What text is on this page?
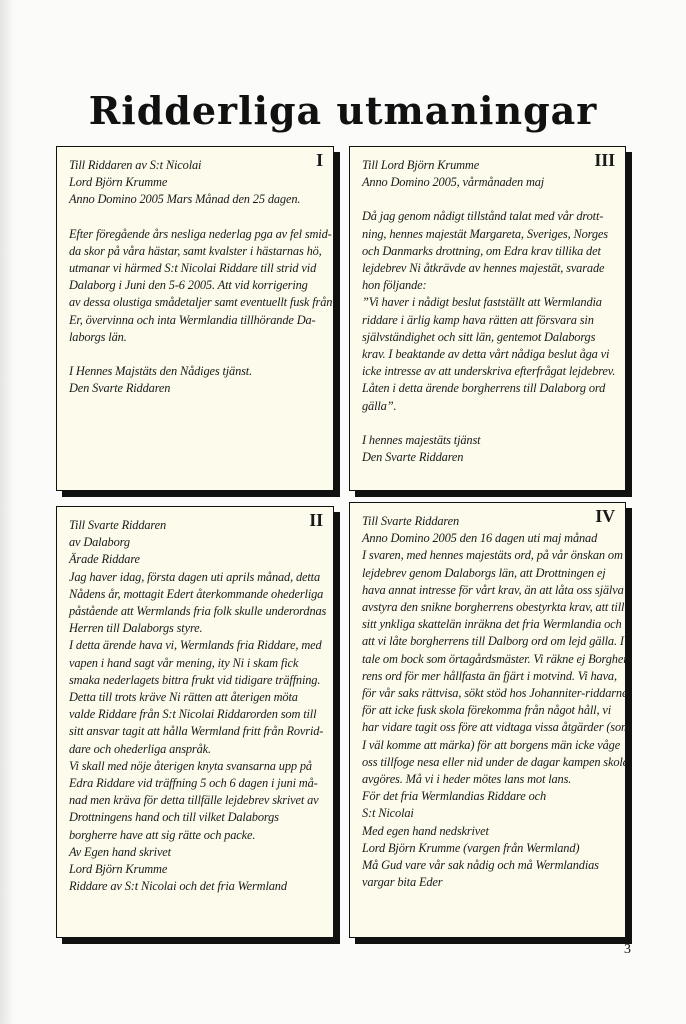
Ridderliga utmaningar
I
Till Riddaren av S:t Nicolai
Lord Björn Krumme
Anno Domino 2005 Mars Månad den 25 dagen.
Efter föregående års nesliga nederlag pga av fel smid-
da skor på våra hästar, samt kvalster i hästarnas hö,
utmanar vi härmed S:t Nicolai Riddare till strid vid
Dalaborg i Juni den 5-6 2005. Att vid korrigering
av dessa olustiga smådetaljer samt eventuellt fusk från
Er, övervinna och inta Wermlandia tillhörande Da-
laborgs län.
I Hennes Majstäts den Nådiges tjänst.
Den Svarte Riddaren
III
Till Lord Björn Krumme
Anno Domino 2005, vårmånaden maj
Då jag genom nådigt tillstånd talat med vår drott-
ning, hennes majestät Margareta, Sveriges, Norges
och Danmarks drottning, om Edra krav tillika det
lejdebrev Ni åtkrävde av hennes majestät, svarade
hon följande:
”Vi haver i nådigt beslut fastställt att Wermlandia
riddare i ärlig kamp hava rätten att försvara sin
självständighet och sitt län, gentemot Dalaborgs
krav. I beaktande av detta vårt nådiga beslut åga vi
icke intresse av att underskriva efterfrågat lejdebrev.
Låten i detta ärende borgherrens till Dalaborg ord
gälla”.
I hennes majestäts tjänst
Den Svarte Riddaren
II
Till Svarte Riddaren
av Dalaborg
Ärade Riddare
Jag haver idag, första dagen uti aprils månad, detta
Nådens år, mottagit Edert återkommande ohederliga
påstående att Wermlands fria folk skulle underordnas
Herren till Dalaborgs styre.
I detta ärende hava vi, Wermlands fria Riddare, med
vapen i hand sagt vår mening, ity Ni i skam fick
smaka nederlagets bittra frukt vid tidigare träffning.
Detta till trots kräve Ni rätten att återigen möta
valde Riddare från S:t Nicolai Riddarorden som till
sitt ansvar tagit att hålla Wermland fritt från Rovrid-
dare och ohederliga anspråk.
Vi skall med nöje återigen knyta svansarna upp på
Edra Riddare vid träffning 5 och 6 dagen i juni må-
nad men kräva för detta tillfälle lejdebrev skrivet av
Drottningens hand och till vilket Dalaborgs
borgherre have att sig rätte och packe.
Av Egen hand skrivet
Lord Björn Krumme
Riddare av S:t Nicolai och det fria Wermland
IV
Till Svarte Riddaren
Anno Domino 2005 den 16 dagen uti maj månad
I svaren, med hennes majestäts ord, på vår önskan om
lejdebrev genom Dalaborgs län, att Drottningen ej
hava annat intresse för vårt krav, än att låta oss själva
avstyra den snikne borgherrens obestyrkta krav, att till
sitt ynkliga skattelän inräkna det fria Wermlandia och
att vi låte borgherrens till Dalborg ord om lejd gälla. I
tale om bock som örtagårdsmäster. Vi räkne ej Borgher-
rens ord för mer hållfasta än fjärt i motvind. Vi hava,
för vår saks rättvisa, sökt stöd hos Johanniter-riddarne,
för att icke fusk skola förekomma från något håll, vi
har vidare tagit oss före att vidtaga vissa åtgärder (som
I väl komme att märka) för att borgens män icke våge
oss tillfoge nesa eller nid under de dagar kampen skole
avgöres. Må vi i heder mötes lans mot lans.
För det fria Wermlandias Riddare och
S:t Nicolai
Med egen hand nedskrivet
Lord Björn Krumme (vargen från Wermland)
Må Gud vare vår sak nådig och må Wermlandias
vargar bita Eder
3
